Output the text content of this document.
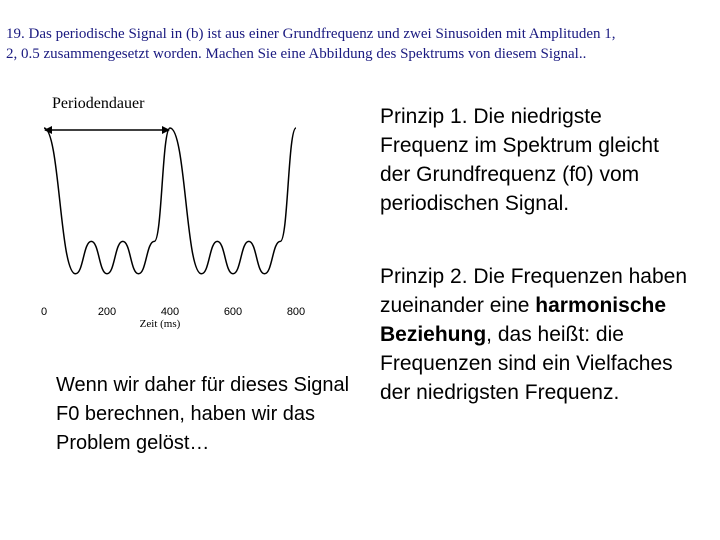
19. Das periodische Signal in (b) ist aus einer Grundfrequenz und zwei Sinusoiden mit Amplituden 1,
2, 0.5 zusammengesetzt worden. Machen Sie eine Abbildung des Spektrums von diesem Signal..
Periodendauer
0	200	400	600	800
Zeit (ms)

Prinzip 1. Die niedrigste Frequenz im Spektrum gleicht der Grundfrequenz (f0) vom periodischen Signal.

Prinzip 2. Die Frequenzen haben zueinander eine harmonische Beziehung, das heißt: die Frequenzen sind ein Vielfaches der niedrigsten Frequenz.

Wenn wir daher für dieses Signal F0 berechnen, haben wir das Problem gelöst…
